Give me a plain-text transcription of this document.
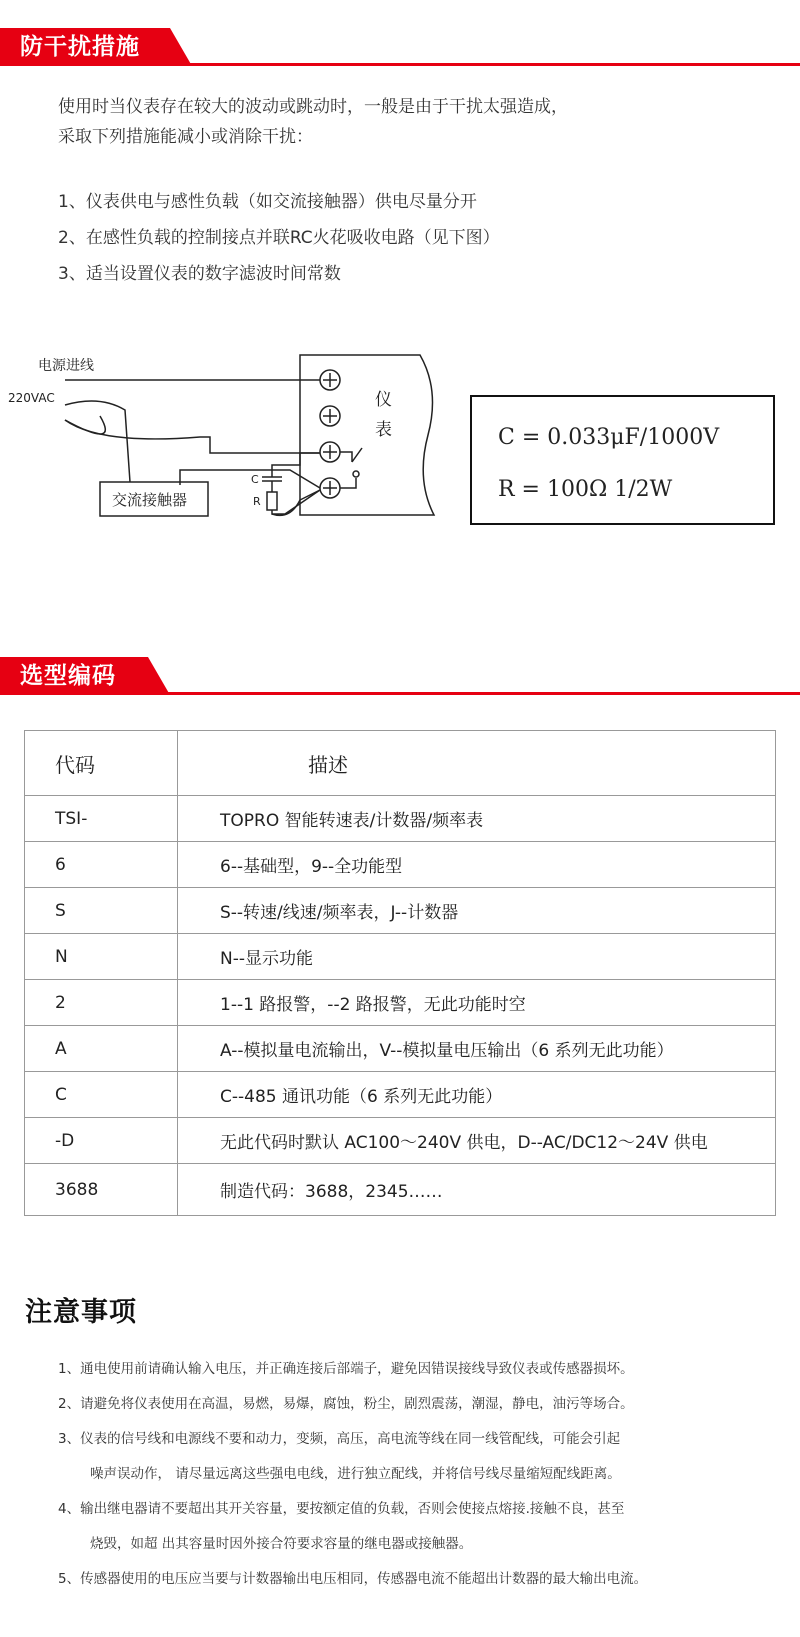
防干扰措施

使用时当仪表存在较大的波动或跳动时，一般是由于干扰太强造成，

采取下列措施能减小或消除干扰：

1、仪表供电与感性负载（如交流接触器）供电尽量分开

2、在感性负载的控制接点并联RC火花吸收电路（见下图）

3、适当设置仪表的数字滤波时间常数

电源进线
220VAC
交流接触器
仪
表
C
R

C = 0.033μF/1000V

R = 100Ω 1/2W

选型编码
代码	描述
TSI-	TOPRO 智能转速表/计数器/频率表
6	6--基础型，9--全功能型
S	S--转速/线速/频率表，J--计数器
N	N--显示功能
2	1--1 路报警，--2 路报警，无此功能时空
A	A--模拟量电流输出，V--模拟量电压输出（6 系列无此功能）
C	C--485 通讯功能（6 系列无此功能）
-D	无此代码时默认 AC100～240V 供电，D--AC/DC12～24V 供电
3688	制造代码：3688，2345……
注意事项

1、通电使用前请确认输入电压，并正确连接后部端子，避免因错误接线导致仪表或传感器损坏。

2、请避免将仪表使用在高温，易燃，易爆，腐蚀，粉尘，剧烈震荡，潮湿，静电，油污等场合。

3、仪表的信号线和电源线不要和动力，变频，高压，高电流等线在同一线管配线，可能会引起

噪声误动作， 请尽量远离这些强电电线，进行独立配线，并将信号线尽量缩短配线距离。

4、输出继电器请不要超出其开关容量，要按额定值的负载，否则会使接点熔接.接触不良，甚至

烧毁，如超 出其容量时因外接合符要求容量的继电器或接触器。

5、传感器使用的电压应当要与计数器输出电压相同，传感器电流不能超出计数器的最大输出电流。
